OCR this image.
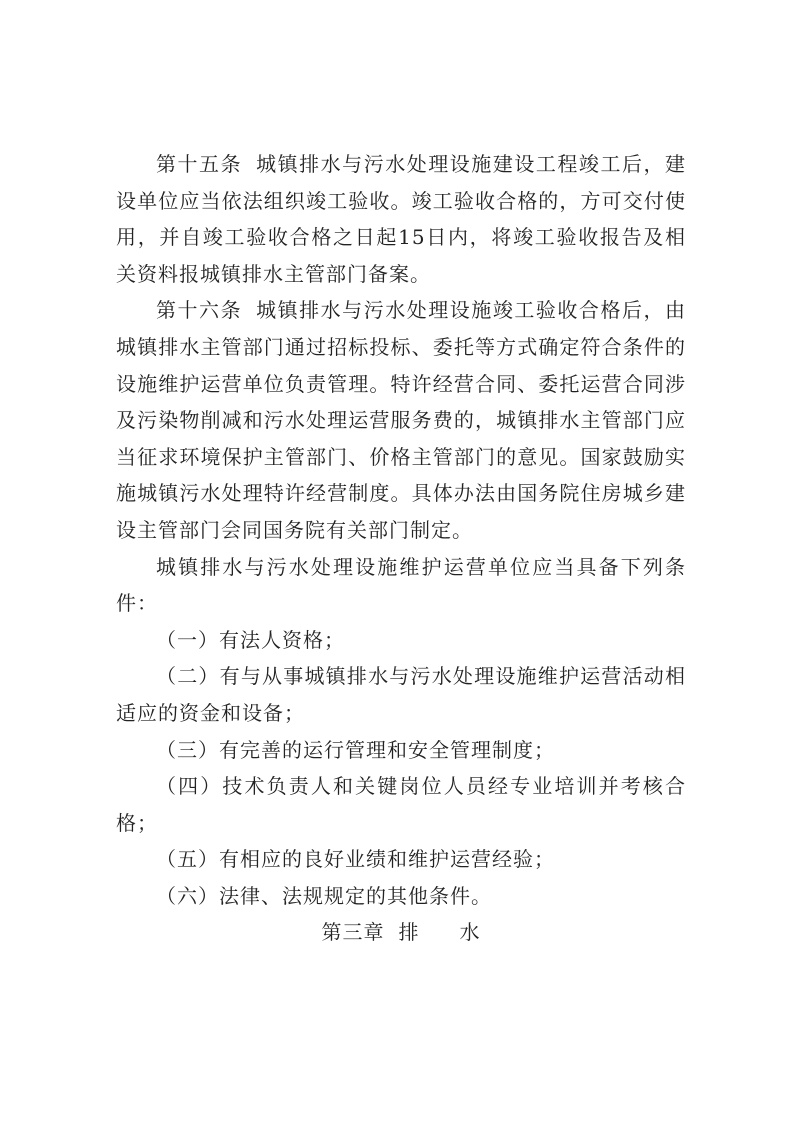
第十五条 城镇排水与污水处理设施建设工程竣工后，建设单位应当依法组织竣工验收。竣工验收合格的，方可交付使用，并自竣工验收合格之日起15日内，将竣工验收报告及相关资料报城镇排水主管部门备案。

第十六条 城镇排水与污水处理设施竣工验收合格后，由城镇排水主管部门通过招标投标、委托等方式确定符合条件的设施维护运营单位负责管理。特许经营合同、委托运营合同涉及污染物削减和污水处理运营服务费的，城镇排水主管部门应当征求环境保护主管部门、价格主管部门的意见。国家鼓励实施城镇污水处理特许经营制度。具体办法由国务院住房城乡建设主管部门会同国务院有关部门制定。

城镇排水与污水处理设施维护运营单位应当具备下列条件：

（一）有法人资格；

（二）有与从事城镇排水与污水处理设施维护运营活动相适应的资金和设备；

（三）有完善的运行管理和安全管理制度；

（四）技术负责人和关键岗位人员经专业培训并考核合格；

（五）有相应的良好业绩和维护运营经验；

（六）法律、法规规定的其他条件。

第三章 排 水
